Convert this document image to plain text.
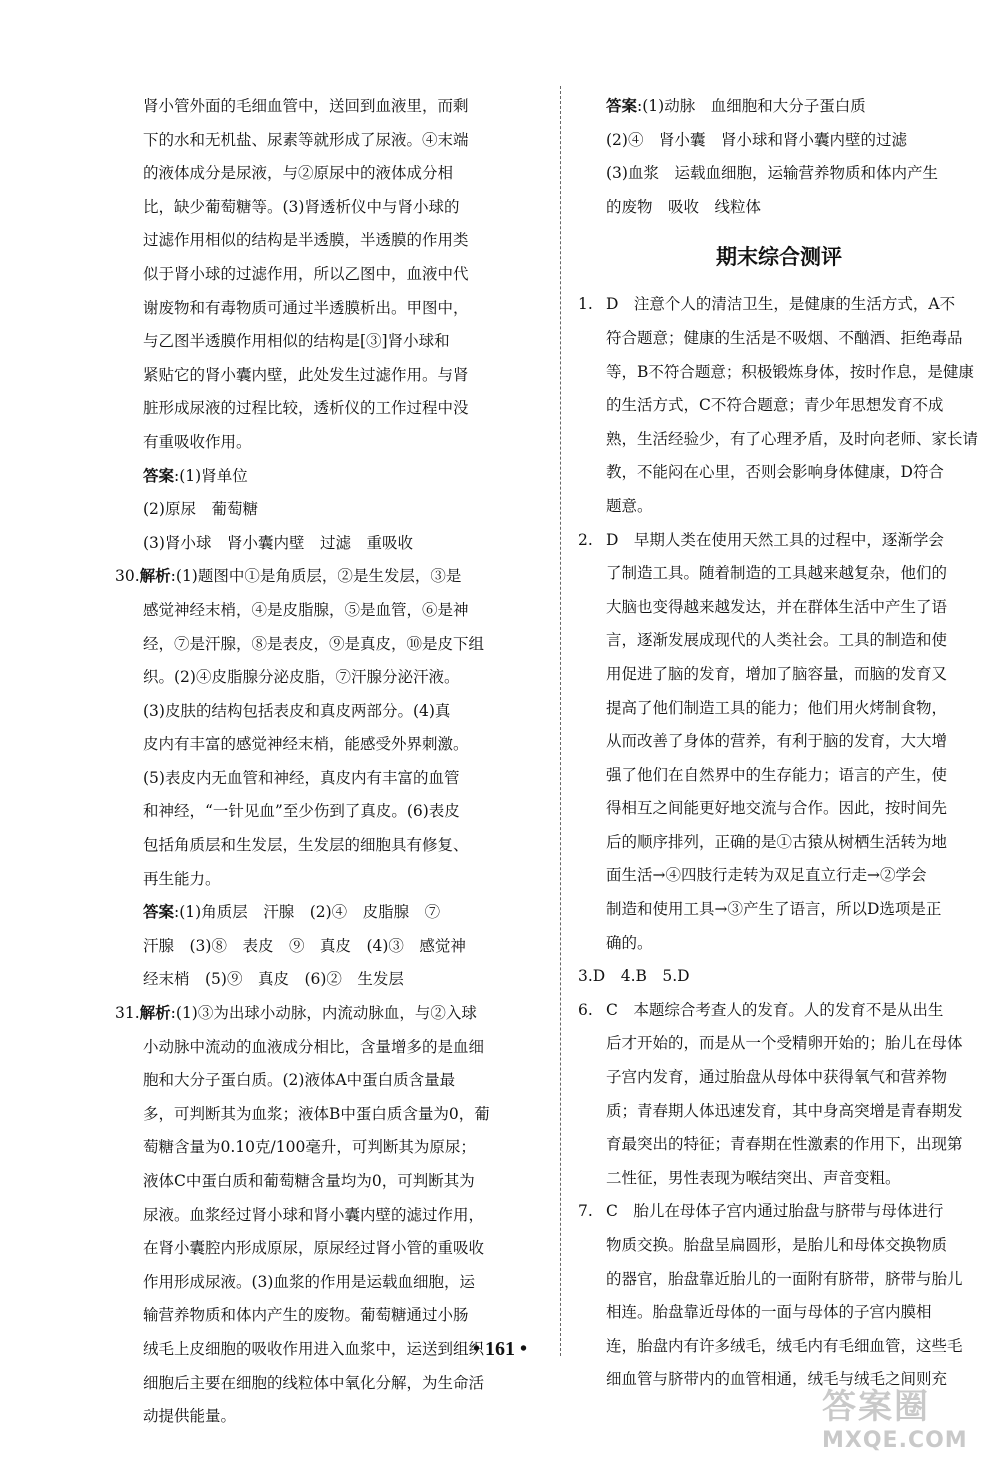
肾小管外面的毛细血管中，送回到血液里，而剩
下的水和无机盐、尿素等就形成了尿液。④末端
的液体成分是尿液，与②原尿中的液体成分相
比，缺少葡萄糖等。(3)肾透析仪中与肾小球的
过滤作用相似的结构是半透膜，半透膜的作用类
似于肾小球的过滤作用，所以乙图中，血液中代
谢废物和有毒物质可通过半透膜析出。甲图中，
与乙图半透膜作用相似的结构是[③]肾小球和
紧贴它的肾小囊内壁，此处发生过滤作用。与肾
脏形成尿液的过程比较，透析仪的工作过程中没
有重吸收作用。
答案:(1)肾单位
(2)原尿　葡萄糖
(3)肾小球　肾小囊内壁　过滤　重吸收
30.解析:(1)题图中①是角质层，②是生发层，③是
感觉神经末梢，④是皮脂腺，⑤是血管，⑥是神
经，⑦是汗腺，⑧是表皮，⑨是真皮，⑩是皮下组
织。(2)④皮脂腺分泌皮脂，⑦汗腺分泌汗液。
(3)皮肤的结构包括表皮和真皮两部分。(4)真
皮内有丰富的感觉神经末梢，能感受外界刺激。
(5)表皮内无血管和神经，真皮内有丰富的血管
和神经，“一针见血”至少伤到了真皮。(6)表皮
包括角质层和生发层，生发层的细胞具有修复、
再生能力。
答案:(1)角质层　汗腺　(2)④　皮脂腺　⑦
汗腺　(3)⑧　表皮　⑨　真皮　(4)③　感觉神
经末梢　(5)⑨　真皮　(6)②　生发层
31.解析:(1)③为出球小动脉，内流动脉血，与②入球
小动脉中流动的血液成分相比，含量增多的是血细
胞和大分子蛋白质。(2)液体A中蛋白质含量最
多，可判断其为血浆；液体B中蛋白质含量为0，葡
萄糖含量为0.10克/100毫升，可判断其为原尿；
液体C中蛋白质和葡萄糖含量均为0，可判断其为
尿液。血浆经过肾小球和肾小囊内壁的滤过作用，
在肾小囊腔内形成原尿，原尿经过肾小管的重吸收
作用形成尿液。(3)血浆的作用是运载血细胞，运
输营养物质和体内产生的废物。葡萄糖通过小肠
绒毛上皮细胞的吸收作用进入血浆中，运送到组织
细胞后主要在细胞的线粒体中氧化分解，为生命活
动提供能量。
答案:(1)动脉　血细胞和大分子蛋白质
(2)④　肾小囊　肾小球和肾小囊内壁的过滤
(3)血浆　运载血细胞，运输营养物质和体内产生
的废物　吸收　线粒体
期末综合测评
1. D　注意个人的清洁卫生，是健康的生活方式，A不
符合题意；健康的生活是不吸烟、不酗酒、拒绝毒品
等，B不符合题意；积极锻炼身体，按时作息，是健康
的生活方式，C不符合题意；青少年思想发育不成
熟，生活经验少，有了心理矛盾，及时向老师、家长请
教，不能闷在心里，否则会影响身体健康，D符合
题意。
2. D　早期人类在使用天然工具的过程中，逐渐学会
了制造工具。随着制造的工具越来越复杂，他们的
大脑也变得越来越发达，并在群体生活中产生了语
言，逐渐发展成现代的人类社会。工具的制造和使
用促进了脑的发育，增加了脑容量，而脑的发育又
提高了他们制造工具的能力；他们用火烤制食物，
从而改善了身体的营养，有利于脑的发育，大大增
强了他们在自然界中的生存能力；语言的产生，使
得相互之间能更好地交流与合作。因此，按时间先
后的顺序排列，正确的是①古猿从树栖生活转为地
面生活→④四肢行走转为双足直立行走→②学会
制造和使用工具→③产生了语言，所以D选项是正
确的。
3.D　4.B　5.D
6. C　本题综合考查人的发育。人的发育不是从出生
后才开始的，而是从一个受精卵开始的；胎儿在母体
子宫内发育，通过胎盘从母体中获得氧气和营养物
质；青春期人体迅速发育，其中身高突增是青春期发
育最突出的特征；青春期在性激素的作用下，出现第
二性征，男性表现为喉结突出、声音变粗。
7. C　胎儿在母体子宫内通过胎盘与脐带与母体进行
物质交换。胎盘呈扁圆形，是胎儿和母体交换物质
的器官，胎盘靠近胎儿的一面附有脐带，脐带与胎儿
相连。胎盘靠近母体的一面与母体的子宫内膜相
连，胎盘内有许多绒毛，绒毛内有毛细血管，这些毛
细血管与脐带内的血管相通，绒毛与绒毛之间则充
• 161 •
答案圈
MXQE.COM
